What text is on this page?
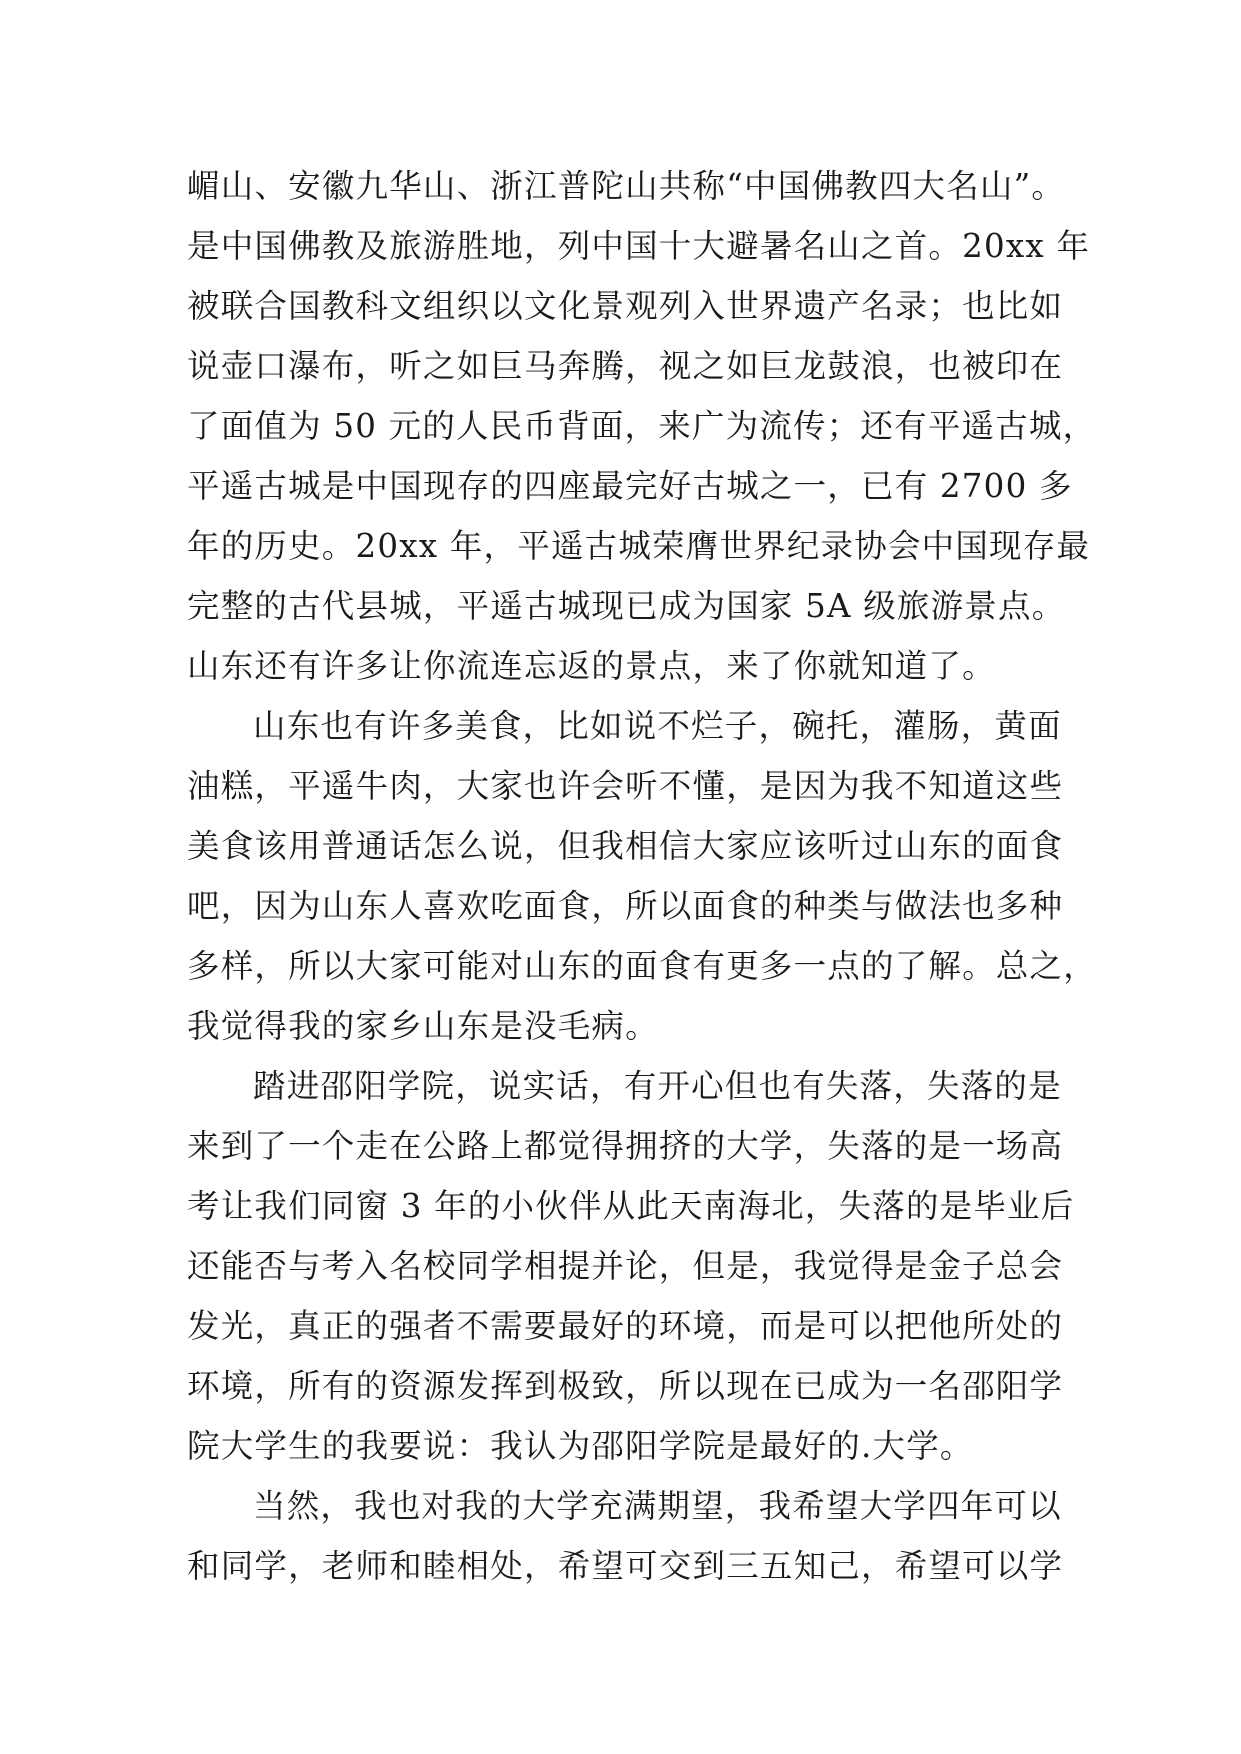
嵋山、安徽九华山、浙江普陀山共称“中国佛教四大名山”。
是中国佛教及旅游胜地，列中国十大避暑名山之首。20xx 年
被联合国教科文组织以文化景观列入世界遗产名录；也比如
说壶口瀑布，听之如巨马奔腾，视之如巨龙鼓浪，也被印在
了面值为 50 元的人民币背面，来广为流传；还有平遥古城，
平遥古城是中国现存的四座最完好古城之一，已有 2700 多
年的历史。20xx 年，平遥古城荣膺世界纪录协会中国现存最
完整的古代县城，平遥古城现已成为国家 5A 级旅游景点。
山东还有许多让你流连忘返的景点，来了你就知道了。
山东也有许多美食，比如说不烂子，碗托，灌肠，黄面
油糕，平遥牛肉，大家也许会听不懂，是因为我不知道这些
美食该用普通话怎么说，但我相信大家应该听过山东的面食
吧，因为山东人喜欢吃面食，所以面食的种类与做法也多种
多样，所以大家可能对山东的面食有更多一点的了解。总之，
我觉得我的家乡山东是没毛病。
踏进邵阳学院，说实话，有开心但也有失落，失落的是
来到了一个走在公路上都觉得拥挤的大学，失落的是一场高
考让我们同窗 3 年的小伙伴从此天南海北，失落的是毕业后
还能否与考入名校同学相提并论，但是，我觉得是金子总会
发光，真正的强者不需要最好的环境，而是可以把他所处的
环境，所有的资源发挥到极致，所以现在已成为一名邵阳学
院大学生的我要说：我认为邵阳学院是最好的.大学。
当然，我也对我的大学充满期望，我希望大学四年可以
和同学，老师和睦相处，希望可交到三五知己，希望可以学
